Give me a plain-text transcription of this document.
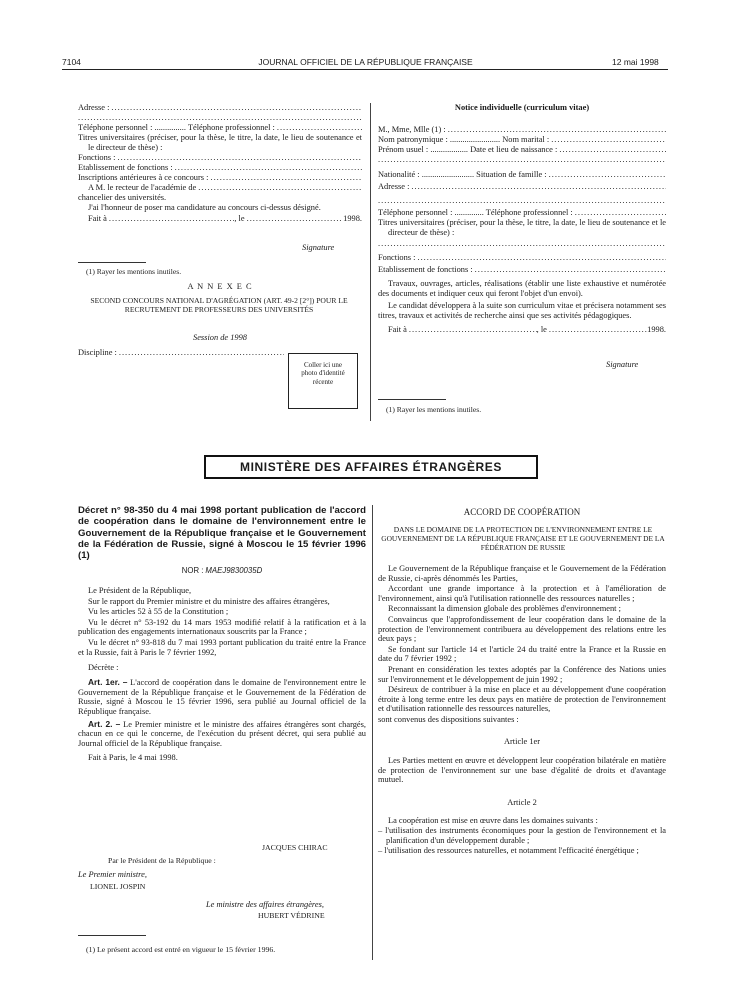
7104	JOURNAL OFFICIEL DE LA RÉPUBLIQUE FRANÇAISE	12 mai 1998
Adresse :
.....
.....
Téléphone personnel : ............... Téléphone professionnel :
.....
Titres universitaires (préciser, pour la thèse, le titre, la date, le lieu de soutenance et le directeur de thèse) :
Fonctions :
.....
Etablissement de fonctions :
.....
Inscriptions antérieures à ce concours :
.....
A M. le recteur de l'académie de
.....
chancelier des universités.
J'ai l'honneur de poser ma candidature au concours ci-dessus désigné.
Fait à .....	, le .....	1998.
Signature
(1) Rayer les mentions inutiles.
A N N E X E C
SECOND CONCOURS NATIONAL D'AGRÉGATION (ART. 49-2 [2°]) POUR LE RECRUTEMENT DE PROFESSEURS DES UNIVERSITÉS
Session de 1998
Discipline :
.....
Coller ici une photo d'identité récente
Notice individuelle (curriculum vitae)
M., Mme, Mlle (1) :
.....
Nom patronymique : ........................ Nom marital :
.....
Prénom usuel : .................. Date et lieu de naissance :
.....
.....
Nationalité : ......................... Situation de famille :
.....
Adresse :
.....
.....
Téléphone personnel : .............. Téléphone professionnel :
.....
Titres universitaires (préciser, pour la thèse, le titre, la date, le lieu de soutenance et le directeur de thèse) :
.....
Fonctions :
.....
Etablissement de fonctions :
.....
Travaux, ouvrages, articles, réalisations (établir une liste exhaustive et numérotée des documents et indiquer ceux qui feront l'objet d'un envoi).
Le candidat développera à la suite son curriculum vitae et précisera notamment ses titres, travaux et activités de recherche ainsi que ses activités pédagogiques.
Fait à .....	, le .....	1998.
Signature
(1) Rayer les mentions inutiles.
MINISTÈRE DES AFFAIRES ÉTRANGÈRES
Décret n° 98-350 du 4 mai 1998 portant publication de l'accord de coopération dans le domaine de l'environnement entre le Gouvernement de la République française et le Gouvernement de la Fédération de Russie, signé à Moscou le 15 février 1996 (1)
NOR : MAEJ9830035D
Le Président de la République,
Sur le rapport du Premier ministre et du ministre des affaires étrangères,
Vu les articles 52 à 55 de la Constitution ;
Vu le décret n° 53-192 du 14 mars 1953 modifié relatif à la ratification et à la publication des engagements internationaux souscrits par la France ;
Vu le décret n° 93-818 du 7 mai 1993 portant publication du traité entre la France et la Russie, fait à Paris le 7 février 1992,
Décrète :
Art. 1er. – L'accord de coopération dans le domaine de l'environnement entre le Gouvernement de la République française et le Gouvernement de la Fédération de Russie, signé à Moscou le 15 février 1996, sera publié au Journal officiel de la République française.
Art. 2. – Le Premier ministre et le ministre des affaires étrangères sont chargés, chacun en ce qui le concerne, de l'exécution du présent décret, qui sera publié au Journal officiel de la République française.
Fait à Paris, le 4 mai 1998.
JACQUES CHIRAC
Par le Président de la République :
Le Premier ministre,
LIONEL JOSPIN
Le ministre des affaires étrangères,
HUBERT VÉDRINE
(1) Le présent accord est entré en vigueur le 15 février 1996.
ACCORD DE COOPÉRATION
DANS LE DOMAINE DE LA PROTECTION DE L'ENVIRONNEMENT ENTRE LE GOUVERNEMENT DE LA RÉPUBLIQUE FRANÇAISE ET LE GOUVERNEMENT DE LA FÉDÉRATION DE RUSSIE
Le Gouvernement de la République française et le Gouvernement de la Fédération de Russie, ci-après dénommés les Parties,
Accordant une grande importance à la protection et à l'amélioration de l'environnement, ainsi qu'à l'utilisation rationnelle des ressources naturelles ;
Reconnaissant la dimension globale des problèmes d'environnement ;
Convaincus que l'approfondissement de leur coopération dans le domaine de la protection de l'environnement contribuera au développement des relations entre les deux pays ;
Se fondant sur l'article 14 et l'article 24 du traité entre la France et la Russie en date du 7 février 1992 ;
Prenant en considération les textes adoptés par la Conférence des Nations unies sur l'environnement et le développement de juin 1992 ;
Désireux de contribuer à la mise en place et au développement d'une coopération étroite à long terme entre les deux pays en matière de protection de l'environnement et d'utilisation rationnelle des ressources naturelles,
sont convenus des dispositions suivantes :
Article 1er
Les Parties mettent en œuvre et développent leur coopération bilatérale en matière de protection de l'environnement sur une base d'égalité de droits et d'avantage mutuel.
Article 2
La coopération est mise en œuvre dans les domaines suivants :
– l'utilisation des instruments économiques pour la gestion de l'environnement et la planification d'un développement durable ;
– l'utilisation des ressources naturelles, et notamment l'efficacité énergétique ;
